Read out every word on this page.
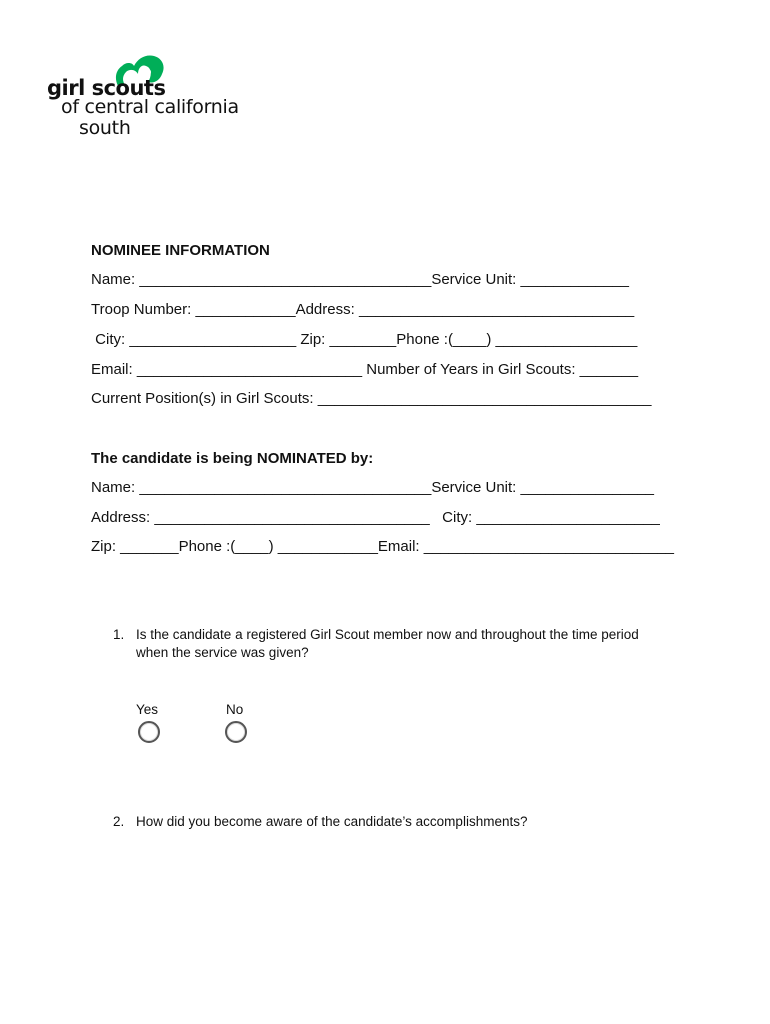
girl scouts
of central california
south
NOMINEE INFORMATION
Name: ___________________________________Service Unit: _____________
Troop Number: ____________Address: _________________________________
City: ____________________ Zip: ________Phone :(____) _________________
Email: ___________________________ Number of Years in Girl Scouts: _______
Current Position(s) in Girl Scouts: ________________________________________
The candidate is being NOMINATED by:
Name: ___________________________________Service Unit: ________________
Address: _________________________________   City: ______________________
Zip: _______Phone :(____) ____________Email: ______________________________
1. Is the candidate a registered Girl Scout member now and throughout the time period
when the service was given?
Yes	No
2. How did you become aware of the candidate’s accomplishments?
